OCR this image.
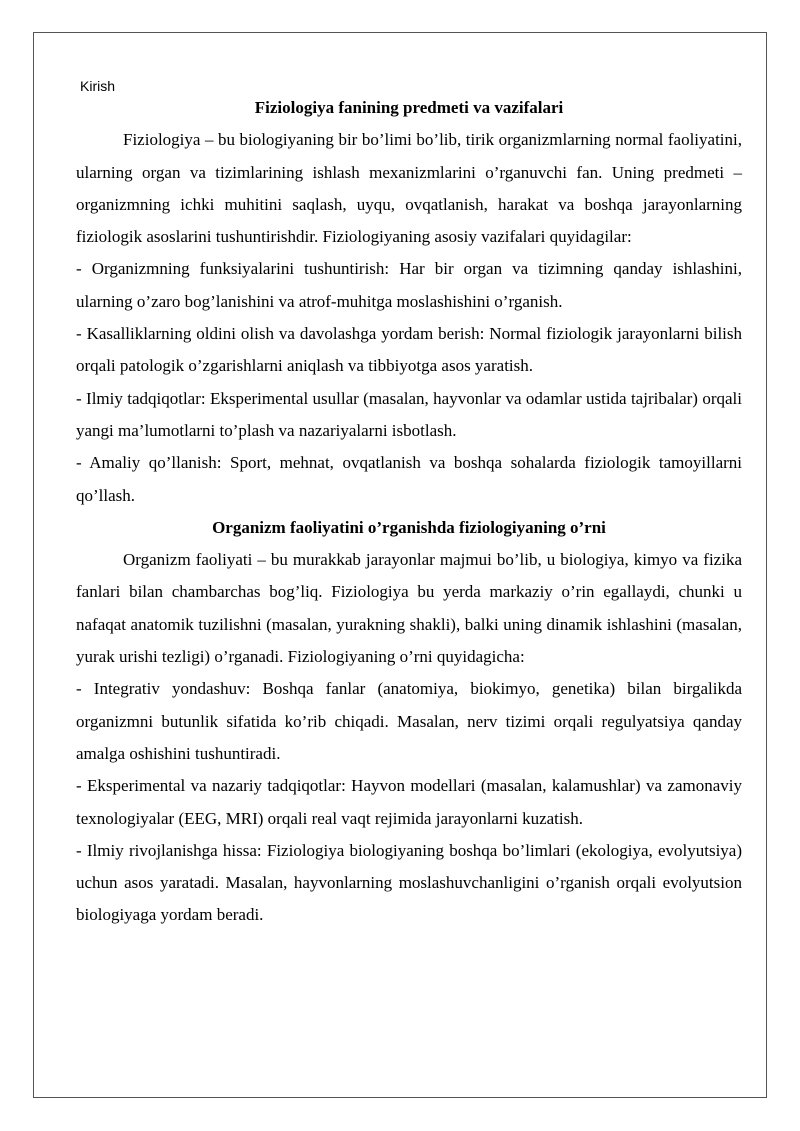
Kirish

Fiziologiya fanining predmeti va vazifalari

Fiziologiya – bu biologiyaning bir bo’limi bo’lib, tirik organizmlarning normal faoliyatini, ularning organ va tizimlarining ishlash mexanizmlarini o’rganuvchi fan. Uning predmeti – organizmning ichki muhitini saqlash, uyqu, ovqatlanish, harakat va boshqa jarayonlarning fiziologik asoslarini tushuntirishdir. Fiziologiyaning asosiy vazifalari quyidagilar:

- Organizmning funksiyalarini tushuntirish: Har bir organ va tizimning qanday ishlashini, ularning o’zaro bog’lanishini va atrof-muhitga moslashishini o’rganish.

- Kasalliklarning oldini olish va davolashga yordam berish: Normal fiziologik jarayonlarni bilish orqali patologik o’zgarishlarni aniqlash va tibbiyotga asos yaratish.

- Ilmiy tadqiqotlar: Eksperimental usullar (masalan, hayvonlar va odamlar ustida tajribalar) orqali yangi ma’lumotlarni to’plash va nazariyalarni isbotlash.

- Amaliy qo’llanish: Sport, mehnat, ovqatlanish va boshqa sohalarda fiziologik tamoyillarni qo’llash.

Organizm faoliyatini o’rganishda fiziologiyaning o’rni

Organizm faoliyati – bu murakkab jarayonlar majmui bo’lib, u biologiya, kimyo va fizika fanlari bilan chambarchas bog’liq. Fiziologiya bu yerda markaziy o’rin egallaydi, chunki u nafaqat anatomik tuzilishni (masalan, yurakning shakli), balki uning dinamik ishlashini (masalan, yurak urishi tezligi) o’rganadi. Fiziologiyaning o’rni quyidagicha:

- Integrativ yondashuv: Boshqa fanlar (anatomiya, biokimyo, genetika) bilan birgalikda organizmni butunlik sifatida ko’rib chiqadi. Masalan, nerv tizimi orqali regulyatsiya qanday amalga oshishini tushuntiradi.

- Eksperimental va nazariy tadqiqotlar: Hayvon modellari (masalan, kalamushlar) va zamonaviy texnologiyalar (EEG, MRI) orqali real vaqt rejimida jarayonlarni kuzatish.

- Ilmiy rivojlanishga hissa: Fiziologiya biologiyaning boshqa bo’limlari (ekologiya, evolyutsiya) uchun asos yaratadi. Masalan, hayvonlarning moslashuvchanligini o’rganish orqali evolyutsion biologiyaga yordam beradi.
